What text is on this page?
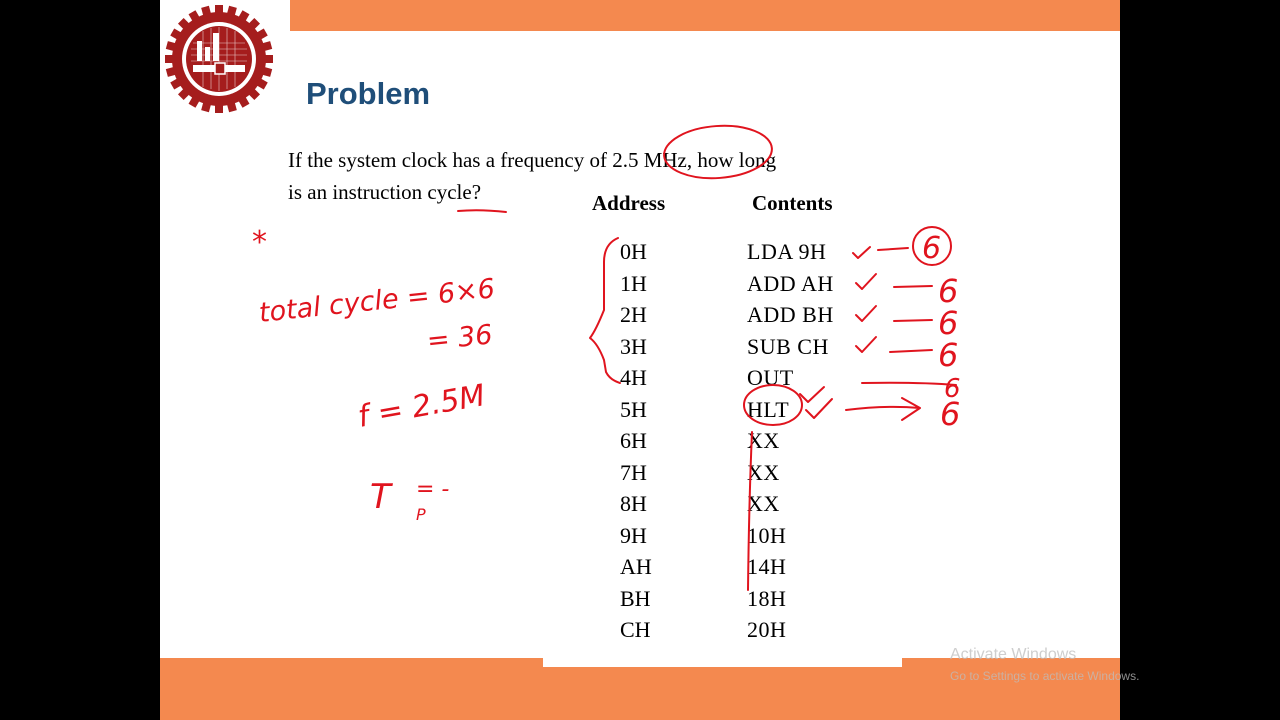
Problem
If the system clock has a frequency of 2.5 MHz, how long
is an instruction cycle?	Address	Contents
0H	LDA 9H
1H	ADD AH
2H	ADD BH
3H	SUB CH
4H	OUT
5H	HLT
6H	XX
7H	XX
8H	XX
9H	10H
AH	14H
BH	18H
CH	20H
*
total cycle = 6×6
= 36
f = 2.5M
T P
= -
6
6
6
6
6
6
Activate Windows
Go to Settings to activate Windows.
